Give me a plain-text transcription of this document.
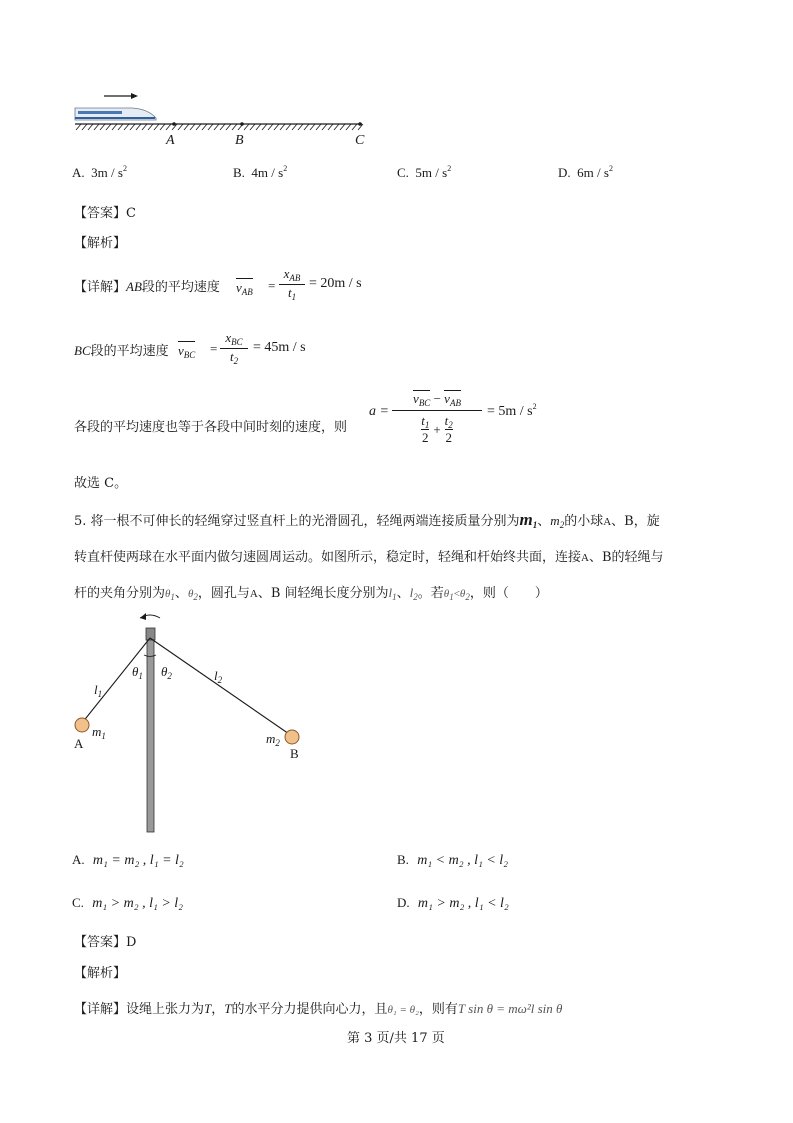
A	B	C
A. $3m / s^2$	B. $4m / s^2$	C. $5m / s^2$	D. $6m / s^2$
【答案】C
【解析】
【详解】AB段的平均速度 $v_{AB}$ =
$x_{AB}$
$t_1$
= 20m / s
BC段的平均速度 $v_{BC}$ =
$x_{BC}$
$t_2$
= 45m / s
各段的平均速度也等于各段中间时刻的速度，则
a =
$v_{BC} - v_{AB}$
$t_1$
2
+ $\frac{t_2}{2}$
= $5m / s^2$
故选 C。
5. 将一根不可伸长的轻绳穿过竖直杆上的光滑圆孔，轻绳两端连接质量分别为m1、$m_2$的小球A、B，旋
转直杆使两球在水平面内做匀速圆周运动。如图所示，稳定时，轻绳和杆始终共面，连接A、B的轻绳与
杆的夹角分别为$\theta_1$、$\theta_2$，圆孔与A、B 间轻绳长度分别为$l_1$、$l_2$。若$\theta_1<\theta_2$，则（　　）
$\theta_1$ $\theta_2$
$l_1$
$l_2$
$m_1$	$m_2$
A
B
A. m₁ = m₂ , l₁ = l₂	B. m₁ < m₂ , l₁ < l₂
C. m₁ > m₂ , l₁ > l₂	D. m₁ > m₂ , l₁ < l₂
【答案】D
【解析】
【详解】设绳上张力为T，T的水平分力提供向心力，且θ₁ = θ₂，则有T sin θ = mω²l sin θ
第 3 页/共 17 页
